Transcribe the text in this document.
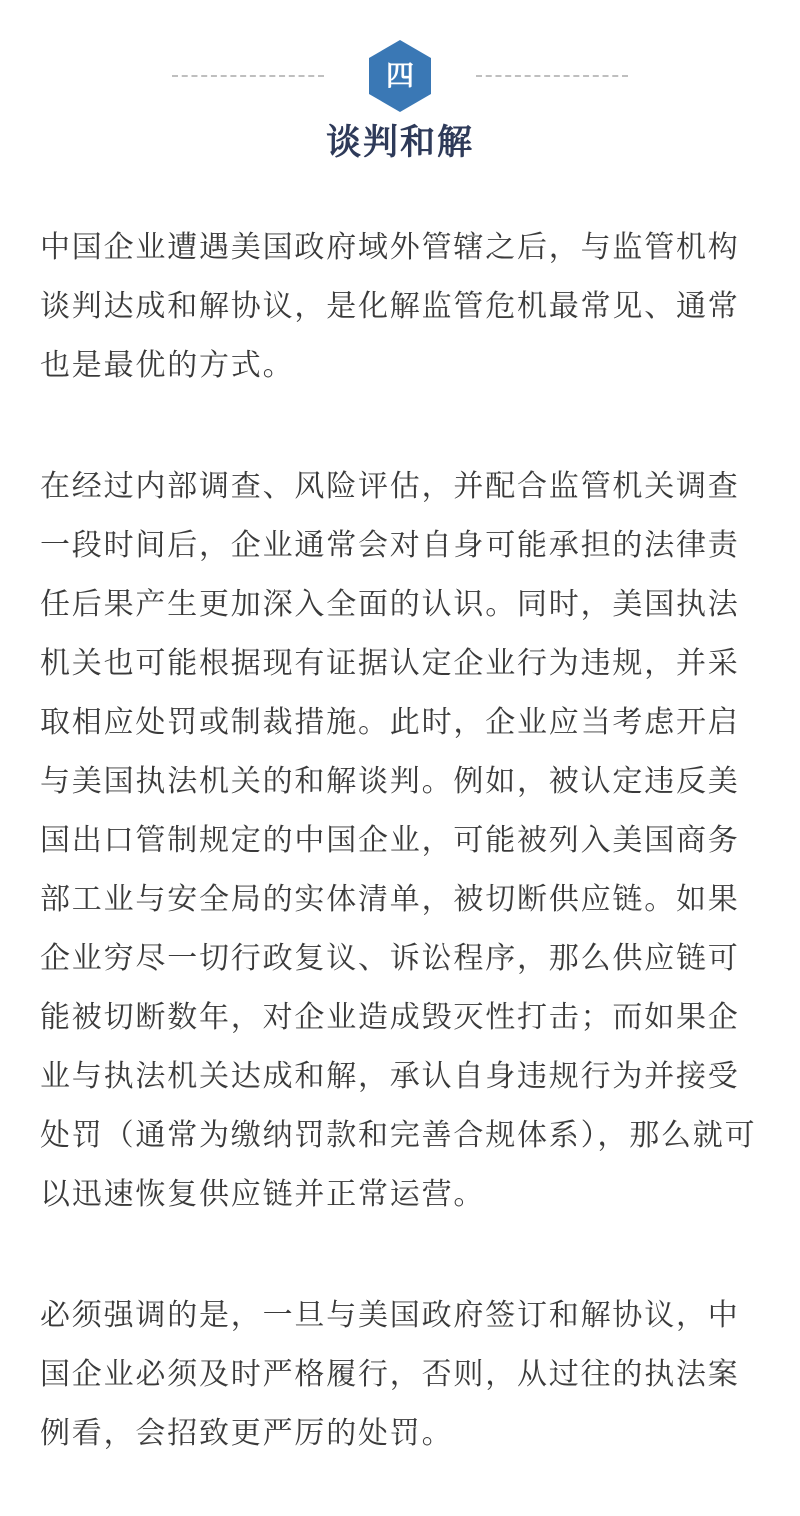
四
谈判和解

中国企业遭遇美国政府域外管辖之后，与监管机构谈判达成和解协议，是化解监管危机最常见、通常也是最优的方式。

在经过内部调查、风险评估，并配合监管机关调查一段时间后，企业通常会对自身可能承担的法律责任后果产生更加深入全面的认识。同时，美国执法机关也可能根据现有证据认定企业行为违规，并采取相应处罚或制裁措施。此时，企业应当考虑开启与美国执法机关的和解谈判。例如，被认定违反美国出口管制规定的中国企业，可能被列入美国商务部工业与安全局的实体清单，被切断供应链。如果企业穷尽一切行政复议、诉讼程序，那么供应链可能被切断数年，对企业造成毁灭性打击；而如果企业与执法机关达成和解，承认自身违规行为并接受处罚（通常为缴纳罚款和完善合规体系），那么就可以迅速恢复供应链并正常运营。

必须强调的是，一旦与美国政府签订和解协议，中国企业必须及时严格履行，否则，从过往的执法案例看，会招致更严厉的处罚。
